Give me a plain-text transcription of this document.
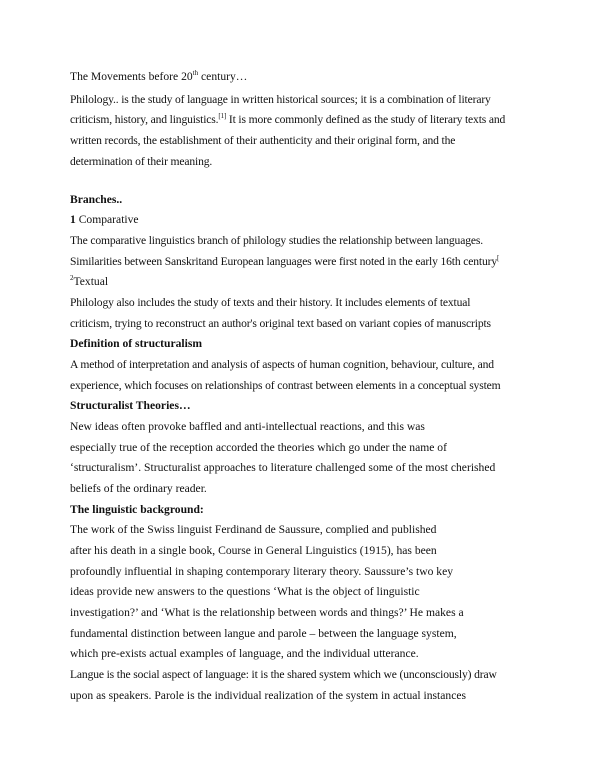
The Movements before 20th century…
Philology.. is the study of language in written historical sources; it is a combination of literary
criticism, history, and linguistics.[1] It is more commonly defined as the study of literary texts and
written records, the establishment of their authenticity and their original form, and the
determination of their meaning.
Branches..
1 Comparative
The comparative linguistics branch of philology studies the relationship between languages.
Similarities between Sanskritand European languages were first noted in the early 16th century[
$^2$Textual
Philology also includes the study of texts and their history. It includes elements of textual
criticism, trying to reconstruct an author's original text based on variant copies of manuscripts
Definition of structuralism
A method of interpretation and analysis of aspects of human cognition, behaviour, culture, and
experience, which focuses on relationships of contrast between elements in a conceptual system
Structuralist Theories…
New ideas often provoke baffled and anti-intellectual reactions, and this was
especially true of the reception accorded the theories which go under the name of
‘structuralism’. Structuralist approaches to literature challenged some of the most cherished
beliefs of the ordinary reader.
The linguistic background:
The work of the Swiss linguist Ferdinand de Saussure, complied and published
after his death in a single book, Course in General Linguistics (1915), has been
profoundly influential in shaping contemporary literary theory. Saussure’s two key
ideas provide new answers to the questions ‘What is the object of linguistic
investigation?’ and ‘What is the relationship between words and things?’ He makes a
fundamental distinction between langue and parole – between the language system,
which pre-exists actual examples of language, and the individual utterance.
Langue is the social aspect of language: it is the shared system which we (unconsciously) draw
upon as speakers. Parole is the individual realization of the system in actual instances
